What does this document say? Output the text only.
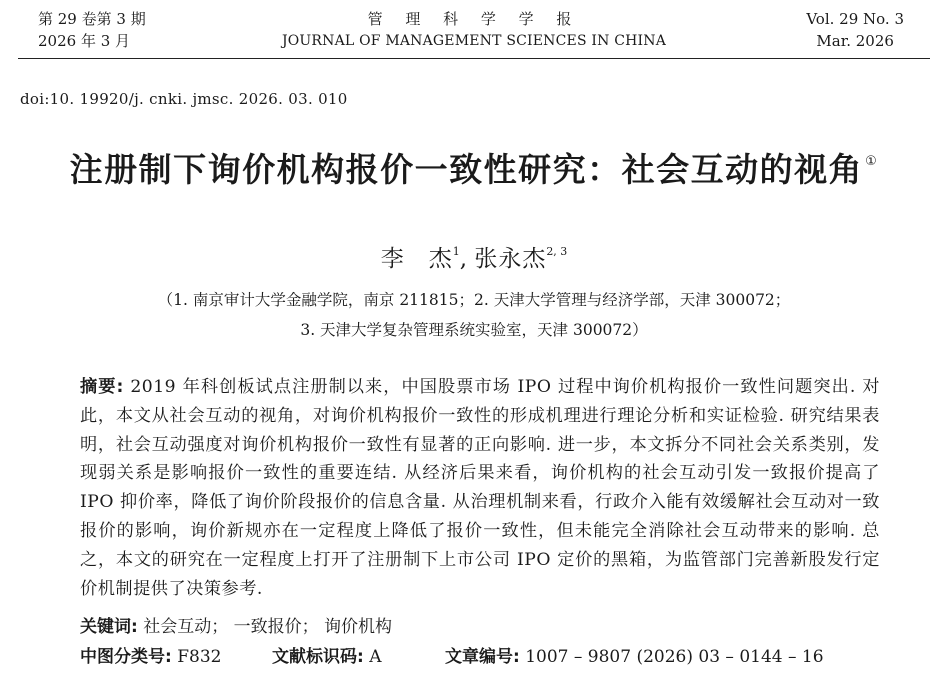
第 29 卷第 3 期
2026 年 3 月
管 理 科 学 学 报
JOURNAL OF MANAGEMENT SCIENCES IN CHINA
Vol. 29 No. 3
Mar. 2026
doi:10. 19920/j. cnki. jmsc. 2026. 03. 010
注册制下询价机构报价一致性研究：社会互动的视角 ①
李　杰$^1$, 张永杰$^{2, 3}$
（1. 南京审计大学金融学院，南京 211815；2. 天津大学管理与经济学部，天津 300072；
3. 天津大学复杂管理系统实验室，天津 300072）
摘要: 2019 年科创板试点注册制以来，中国股票市场 IPO 过程中询价机构报价一致性问题突出. 对此，本文从社会互动的视角，对询价机构报价一致性的形成机理进行理论分析和实证检验. 研究结果表明，社会互动强度对询价机构报价一致性有显著的正向影响. 进一步，本文拆分不同社会关系类别，发现弱关系是影响报价一致性的重要连结. 从经济后果来看，询价机构的社会互动引发一致报价提高了 IPO 抑价率，降低了询价阶段报价的信息含量. 从治理机制来看，行政介入能有效缓解社会互动对一致报价的影响，询价新规亦在一定程度上降低了报价一致性，但未能完全消除社会互动带来的影响. 总之，本文的研究在一定程度上打开了注册制下上市公司 IPO 定价的黑箱，为监管部门完善新股发行定价机制提供了决策参考.
关键词: 社会互动； 一致报价； 询价机构
中图分类号: F832	文献标识码: A	文章编号: 1007 – 9807 (2026) 03 – 0144 – 16
